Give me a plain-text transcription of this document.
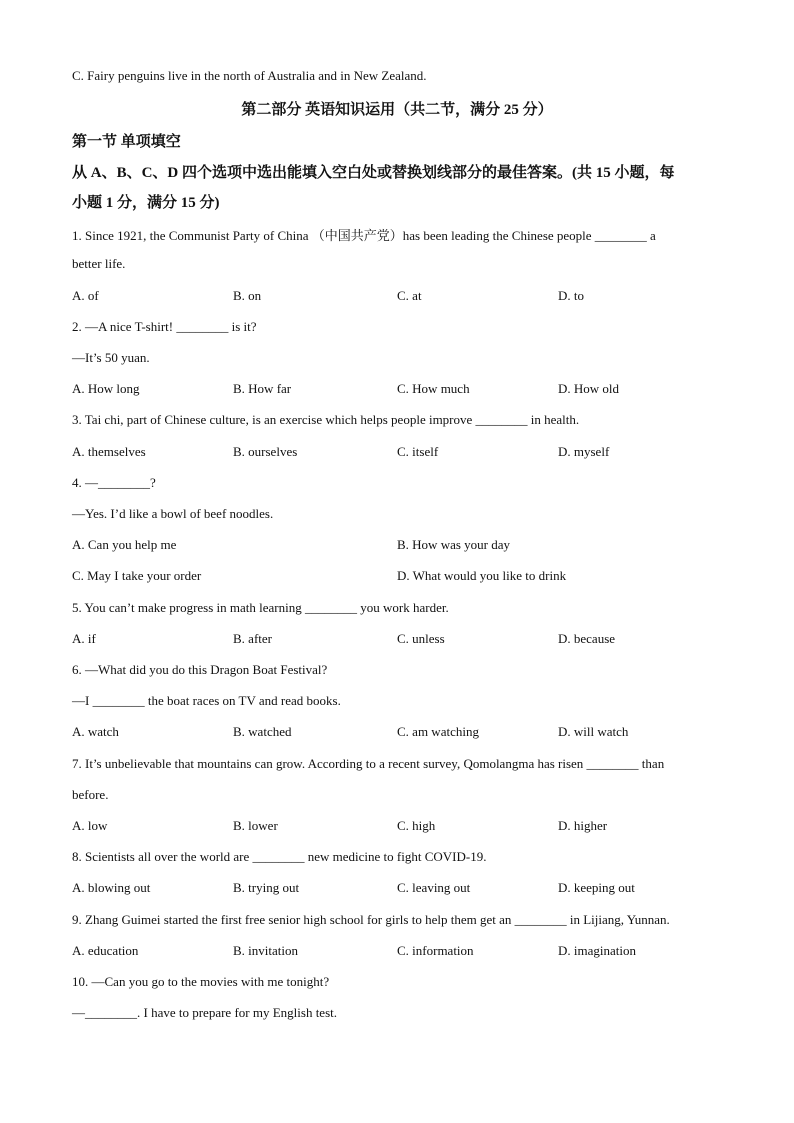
C. Fairy penguins live in the north of Australia and in New Zealand.
第二部分 英语知识运用（共二节，满分 25 分）
第一节 单项填空
从 A、B、C、D 四个选项中选出能填入空白处或替换划线部分的最佳答案。(共 15 小题，每
小题 1 分，满分 15 分)
1. Since 1921, the Communist Party of China （中国共产党）has been leading the Chinese people ________ a
better life.
A. of	B. on	C. at	D. to
2. —A nice T-shirt! ________ is it?
—It’s 50 yuan.
A. How long	B. How far	C. How much	D. How old
3. Tai chi, part of Chinese culture, is an exercise which helps people improve ________ in health.
A. themselves	B. ourselves	C. itself	D. myself
4. —________?
—Yes. I’d like a bowl of beef noodles.
A. Can you help me	B. How was your day
C. May I take your order	D. What would you like to drink
5. You can’t make progress in math learning ________ you work harder.
A. if	B. after	C. unless	D. because
6. —What did you do this Dragon Boat Festival?
—I ________ the boat races on TV and read books.
A. watch	B. watched	C. am watching	D. will watch
7. It’s unbelievable that mountains can grow. According to a recent survey, Qomolangma has risen ________ than
before.
A. low	B. lower	C. high	D. higher
8. Scientists all over the world are ________ new medicine to fight COVID-19.
A. blowing out	B. trying out	C. leaving out	D. keeping out
9. Zhang Guimei started the first free senior high school for girls to help them get an ________ in Lijiang, Yunnan.
A. education	B. invitation	C. information	D. imagination
10. —Can you go to the movies with me tonight?
—________. I have to prepare for my English test.
